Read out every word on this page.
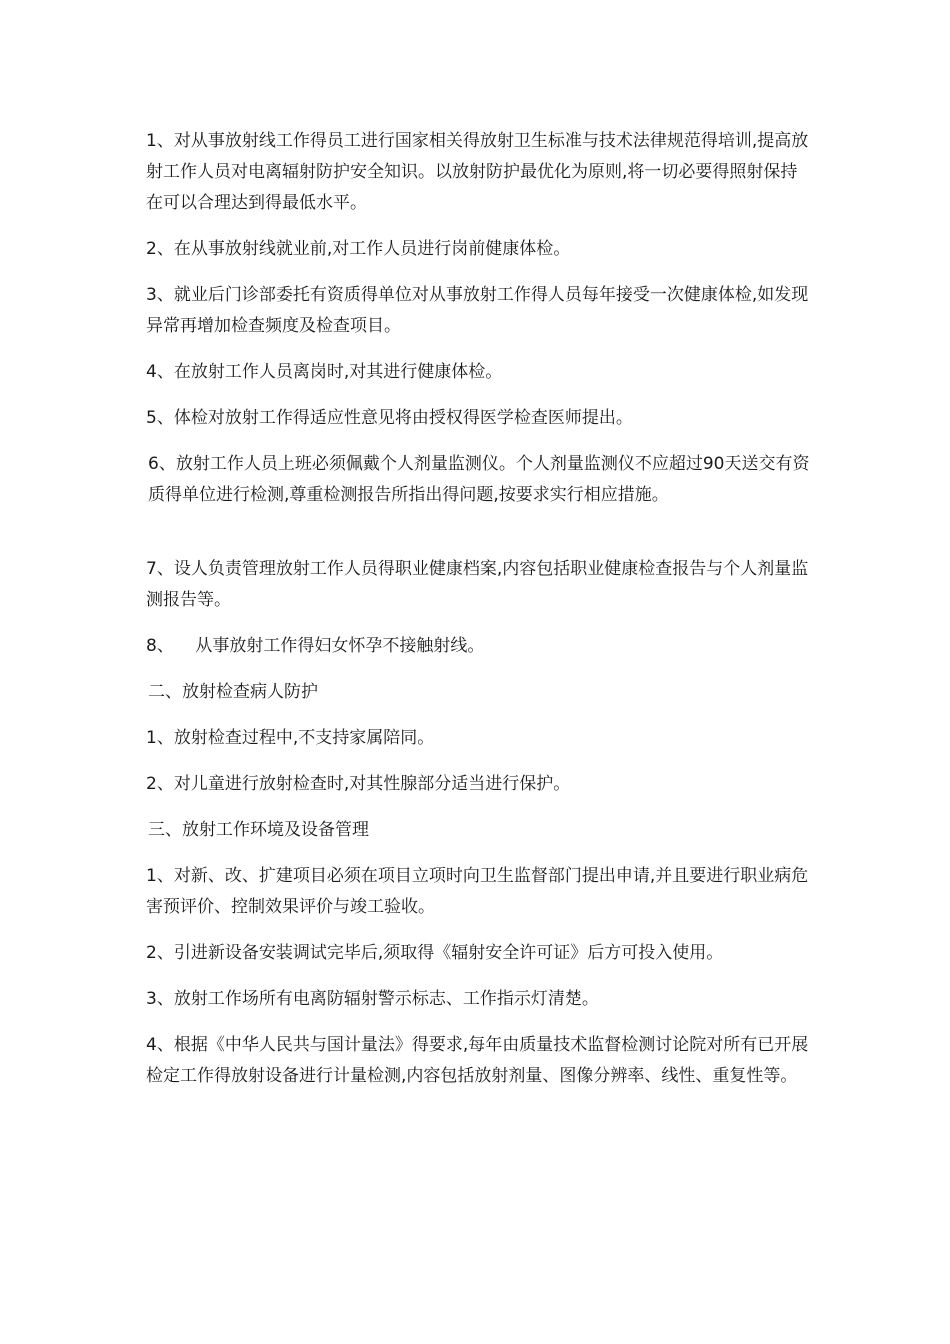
1、对从事放射线工作得员工进行国家相关得放射卫生标准与技术法律规范得培训,提高放射工作人员对电离辐射防护安全知识。以放射防护最优化为原则,将一切必要得照射保持在可以合理达到得最低水平。

2、在从事放射线就业前,对工作人员进行岗前健康体检。

3、就业后门诊部委托有资质得单位对从事放射工作得人员每年接受一次健康体检,如发现异常再增加检查频度及检查项目。

4、在放射工作人员离岗时,对其进行健康体检。

5、体检对放射工作得适应性意见将由授权得医学检查医师提出。

6、放射工作人员上班必须佩戴个人剂量监测仪。个人剂量监测仪不应超过90天送交有资质得单位进行检测,尊重检测报告所指出得问题,按要求实行相应措施。

7、设人负责管理放射工作人员得职业健康档案,内容包括职业健康检查报告与个人剂量监测报告等。

8、    从事放射工作得妇女怀孕不接触射线。

二、放射检查病人防护

1、放射检查过程中,不支持家属陪同。

2、对儿童进行放射检查时,对其性腺部分适当进行保护。

三、放射工作环境及设备管理

1、对新、改、扩建项目必须在项目立项时向卫生监督部门提出申请,并且要进行职业病危害预评价、控制效果评价与竣工验收。

2、引进新设备安装调试完毕后,须取得《辐射安全许可证》后方可投入使用。

3、放射工作场所有电离防辐射警示标志、工作指示灯清楚。

4、根据《中华人民共与国计量法》得要求,每年由质量技术监督检测讨论院对所有已开展检定工作得放射设备进行计量检测,内容包括放射剂量、图像分辨率、线性、重复性等。
